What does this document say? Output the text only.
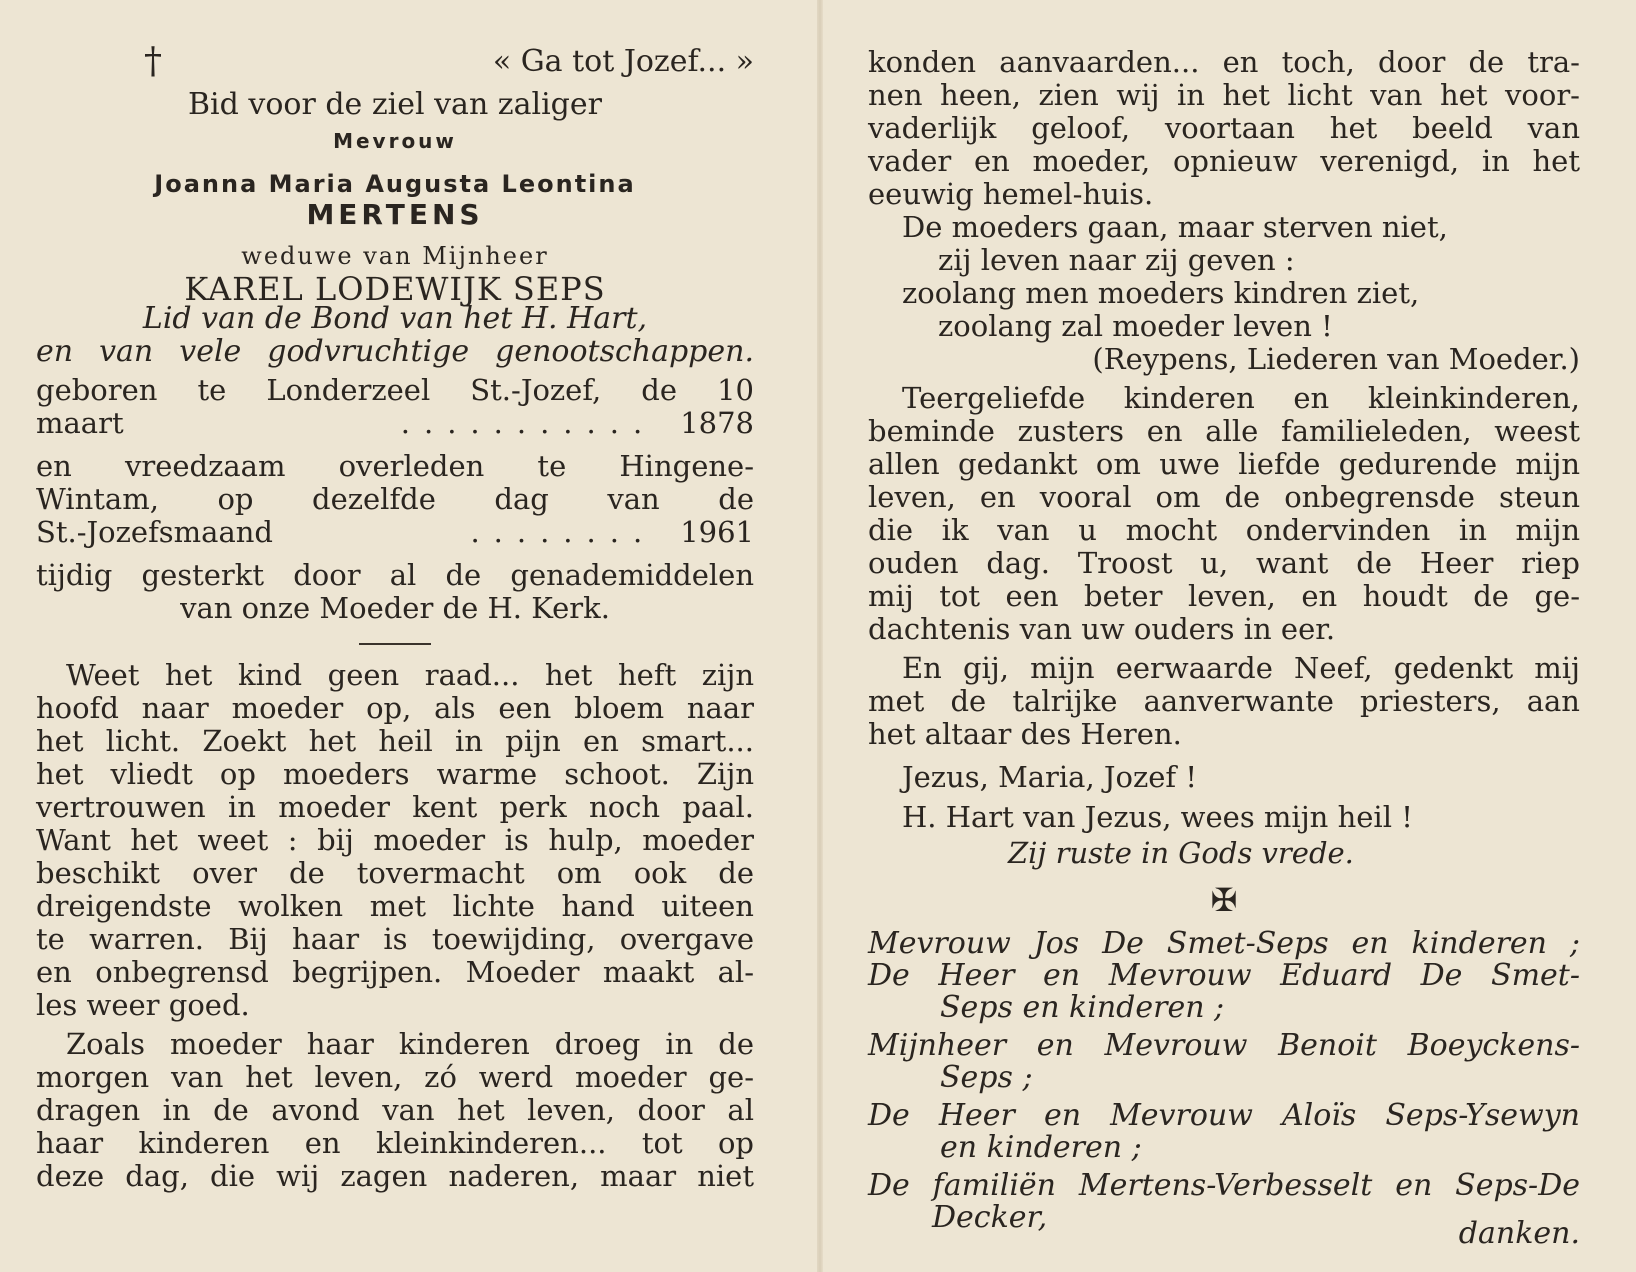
†	« Ga tot Jozef... »
Bid voor de ziel van zaliger
Mevrouw
Joanna Maria Augusta Leontina
MERTENS
weduwe van Mijnheer
KAREL LODEWIJK SEPS
Lid van de Bond van het H. Hart,
en van vele godvruchtige genootschappen.
geboren te Londerzeel St.-Jozef, de 10
maart	........... 1878
en vreedzaam overleden te Hingene-
Wintam, op dezelfde dag van de
St.-Jozefsmaand	........ 1961
tijdig gesterkt door al de genademiddelen
van onze Moeder de H. Kerk.
Weet het kind geen raad... het heft zijn
hoofd naar moeder op, als een bloem naar
het licht. Zoekt het heil in pijn en smart...
het vliedt op moeders warme schoot. Zijn
vertrouwen in moeder kent perk noch paal.
Want het weet : bij moeder is hulp, moeder
beschikt over de tovermacht om ook de
dreigendste wolken met lichte hand uiteen
te warren. Bij haar is toewijding, overgave
en onbegrensd begrijpen. Moeder maakt al-
les weer goed.
Zoals moeder haar kinderen droeg in de
morgen van het leven, zó werd moeder ge-
dragen in de avond van het leven, door al
haar kinderen en kleinkinderen... tot op
deze dag, die wij zagen naderen, maar niet
konden aanvaarden... en toch, door de tra-
nen heen, zien wij in het licht van het voor-
vaderlijk geloof, voortaan het beeld van
vader en moeder, opnieuw verenigd, in het
eeuwig hemel-huis.
De moeders gaan, maar sterven niet,
zij leven naar zij geven :
zoolang men moeders kindren ziet,
zoolang zal moeder leven !
(Reypens, Liederen van Moeder.)
Teergeliefde kinderen en kleinkinderen,
beminde zusters en alle familieleden, weest
allen gedankt om uwe liefde gedurende mijn
leven, en vooral om de onbegrensde steun
die ik van u mocht ondervinden in mijn
ouden dag. Troost u, want de Heer riep
mij tot een beter leven, en houdt de ge-
dachtenis van uw ouders in eer.
En gij, mijn eerwaarde Neef, gedenkt mij
met de talrijke aanverwante priesters, aan
het altaar des Heren.
Jezus, Maria, Jozef !
H. Hart van Jezus, wees mijn heil !
Zij ruste in Gods vrede.
✠
Mevrouw Jos De Smet-Seps en kinderen ;
De Heer en Mevrouw Eduard De Smet-
Seps en kinderen ;
Mijnheer en Mevrouw Benoit Boeyckens-
Seps ;
De Heer en Mevrouw Aloïs Seps-Ysewyn
en kinderen ;
De familiën Mertens-Verbesselt en Seps-De
Decker,	danken.
